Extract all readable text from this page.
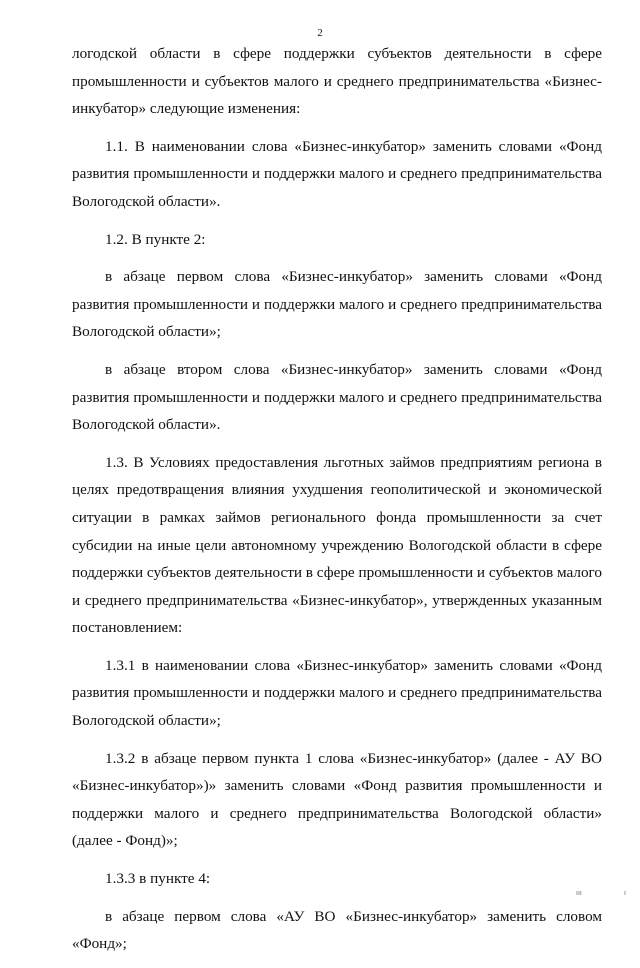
2

логодской области в сфере поддержки субъектов деятельности в сфере промышленности и субъектов малого и среднего предпринимательства «Бизнес-инкубатор» следующие изменения:

1.1. В наименовании слова «Бизнес-инкубатор» заменить словами «Фонд развития промышленности и поддержки малого и среднего предпринимательства Вологодской области».

1.2. В пункте 2:

в абзаце первом слова «Бизнес-инкубатор» заменить словами «Фонд развития промышленности и поддержки малого и среднего предпринимательства Вологодской области»;

в абзаце втором слова «Бизнес-инкубатор» заменить словами «Фонд развития промышленности и поддержки малого и среднего предпринимательства Вологодской области».

1.3. В Условиях предоставления льготных займов предприятиям региона в целях предотвращения влияния ухудшения геополитической и экономической ситуации в рамках займов регионального фонда промышленности за счет субсидии на иные цели автономному учреждению Вологодской области в сфере поддержки субъектов деятельности в сфере промышленности и субъектов малого и среднего предпринимательства «Бизнес-инкубатор», утвержденных указанным постановлением:

1.3.1 в наименовании слова «Бизнес-инкубатор» заменить словами «Фонд развития промышленности и поддержки малого и среднего предпринимательства Вологодской области»;

1.3.2 в абзаце первом пункта 1 слова «Бизнес-инкубатор» (далее - АУ ВО «Бизнес-инкубатор»)» заменить словами «Фонд развития промышленности и поддержки малого и среднего предпринимательства Вологодской области» (далее - Фонд)»;

1.3.3 в пункте 4:

в абзаце первом слова «АУ ВО «Бизнес-инкубатор» заменить словом «Фонд»;

ııı	ı
